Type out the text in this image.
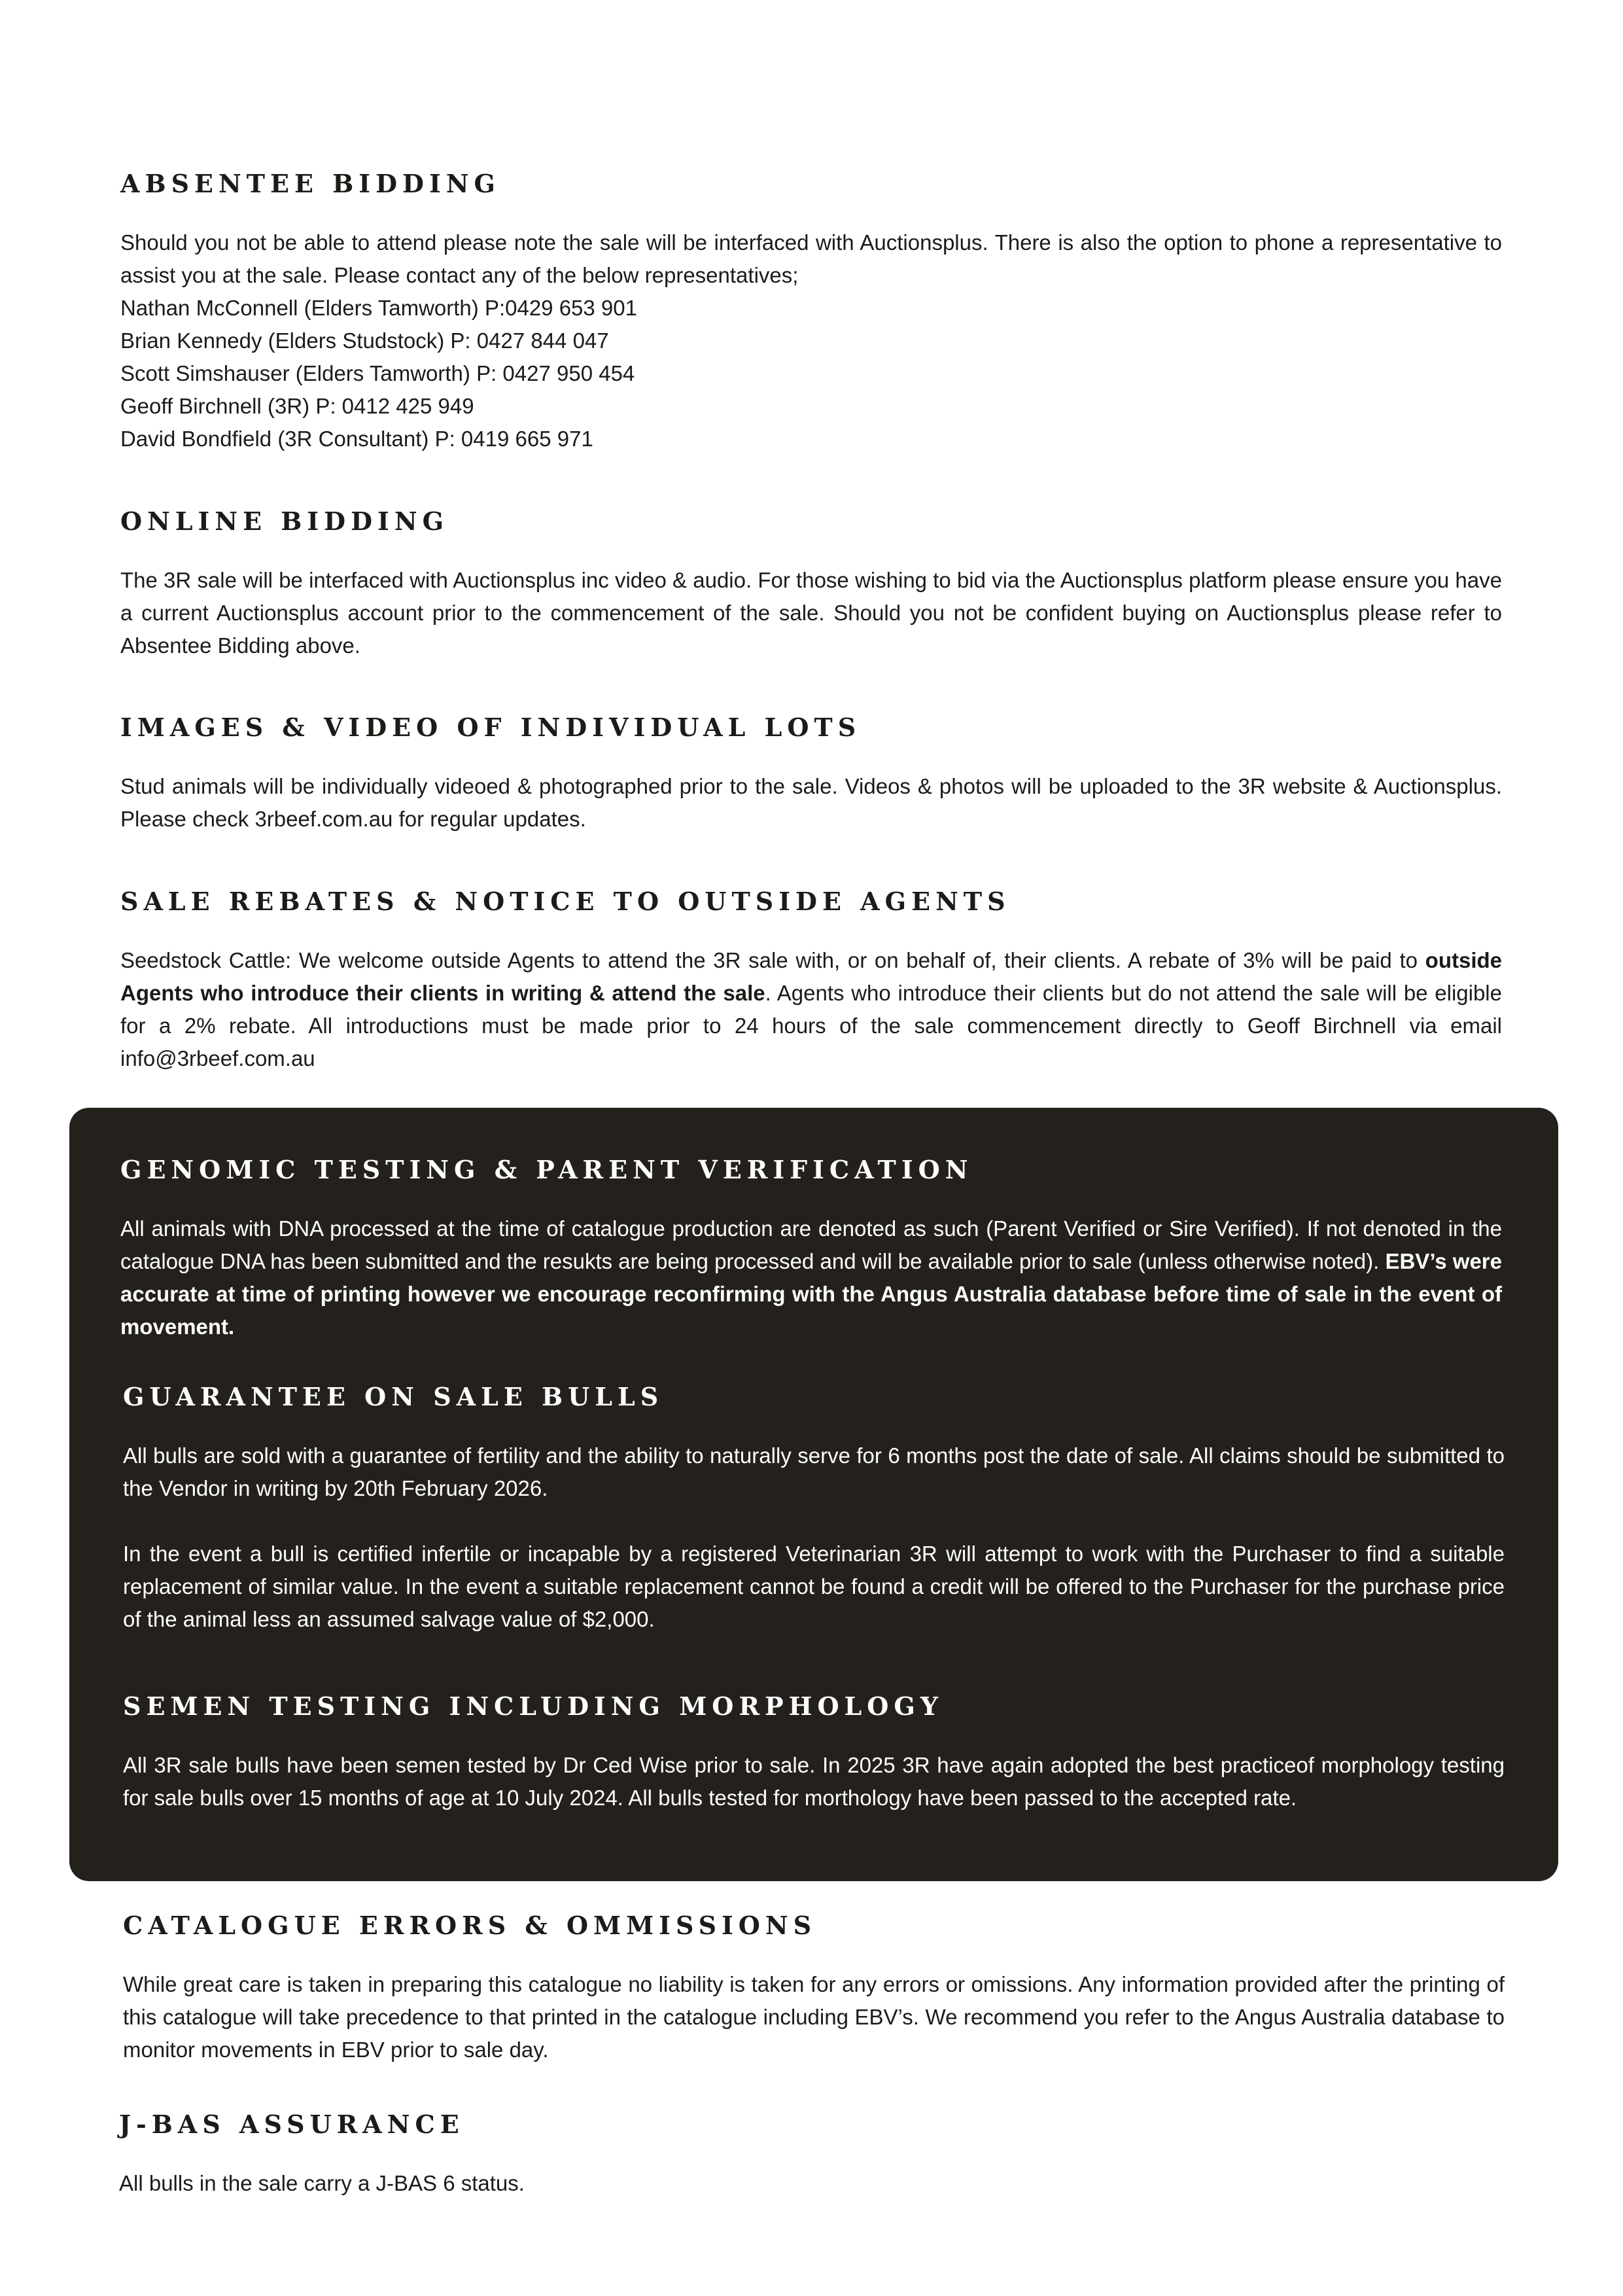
ABSENTEE BIDDING

Should you not be able to attend please note the sale will be interfaced with Auctionsplus. There is also the option to phone a representative to assist you at the sale. Please contact any of the below representatives;

Nathan McConnell (Elders Tamworth) P:0429 653 901

Brian Kennedy (Elders Studstock) P: 0427 844 047

Scott Simshauser (Elders Tamworth) P: 0427 950 454

Geoff Birchnell (3R) P: 0412 425 949

David Bondfield (3R Consultant) P: 0419 665 971

ONLINE BIDDING

The 3R sale will be interfaced with Auctionsplus inc video & audio. For those wishing to bid via the Auctionsplus platform please ensure you have a current Auctionsplus account prior to the commencement of the sale. Should you not be confident buying on Auctionsplus please refer to Absentee Bidding above.

IMAGES & VIDEO OF INDIVIDUAL LOTS

Stud animals will be individually videoed & photographed prior to the sale. Videos & photos will be uploaded to the 3R website & Auctionsplus. Please check 3rbeef.com.au for regular updates.

SALE REBATES & NOTICE TO OUTSIDE AGENTS

Seedstock Cattle: We welcome outside Agents to attend the 3R sale with, or on behalf of, their clients. A rebate of 3% will be paid to outside Agents who introduce their clients in writing & attend the sale. Agents who introduce their clients but do not attend the sale will be eligible for a 2% rebate. All introductions must be made prior to 24 hours of the sale commencement directly to Geoff Birchnell via email info@3rbeef.com.au

GENOMIC TESTING & PARENT VERIFICATION

All animals with DNA processed at the time of catalogue production are denoted as such (Parent Verified or Sire Verified). If not denoted in the catalogue DNA has been submitted and the resukts are being processed and will be available prior to sale (unless otherwise noted). EBV’s were accurate at time of printing however we encourage reconfirming with the Angus Australia database before time of sale in the event of movement.

GUARANTEE ON SALE BULLS

All bulls are sold with a guarantee of fertility and the ability to naturally serve for 6 months post the date of sale. All claims should be submitted to the Vendor in writing by 20th February 2026.

In the event a bull is certified infertile or incapable by a registered Veterinarian 3R will attempt to work with the Purchaser to find a suitable replacement of similar value. In the event a suitable replacement cannot be found a credit will be offered to the Purchaser for the purchase price of the animal less an assumed salvage value of $2,000.

SEMEN TESTING INCLUDING MORPHOLOGY

All 3R sale bulls have been semen tested by Dr Ced Wise prior to sale. In 2025 3R have again adopted the best practiceof morphology testing for sale bulls over 15 months of age at 10 July 2024. All bulls tested for morthology have been passed to the accepted rate.

CATALOGUE ERRORS & OMMISSIONS

While great care is taken in preparing this catalogue no liability is taken for any errors or omissions. Any information provided after the printing of this catalogue will take precedence to that printed in the catalogue including EBV’s. We recommend you refer to the Angus Australia database to monitor movements in EBV prior to sale day.

J-BAS ASSURANCE

All bulls in the sale carry a J-BAS 6 status.
